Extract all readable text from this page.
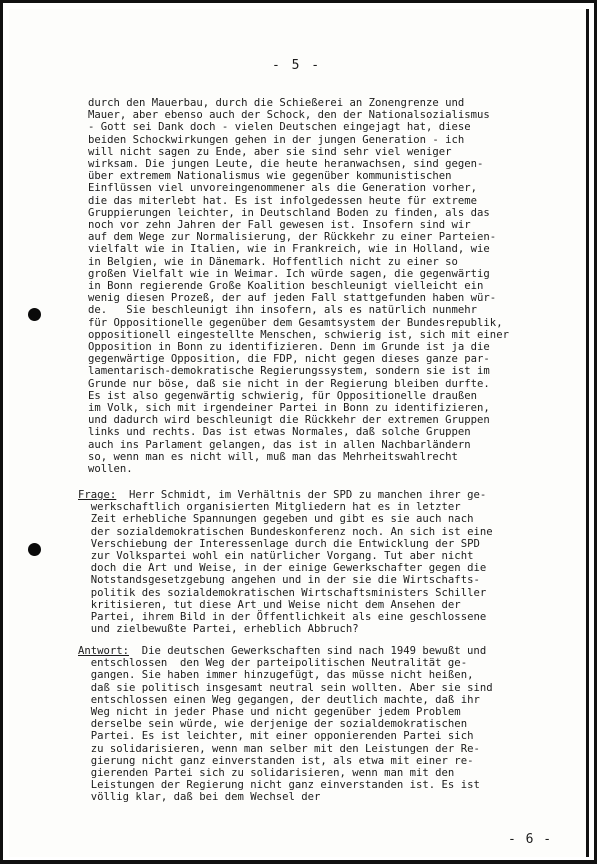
- 5 -
durch den Mauerbau, durch die Schießerei an Zonengrenze und
Mauer, aber ebenso auch der Schock, den der Nationalsozialismus
- Gott sei Dank doch - vielen Deutschen eingejagt hat, diese
beiden Schockwirkungen gehen in der jungen Generation - ich
will nicht sagen zu Ende, aber sie sind sehr viel weniger
wirksam. Die jungen Leute, die heute heranwachsen, sind gegen-
über extremem Nationalismus wie gegenüber kommunistischen
Einflüssen viel unvoreingenommener als die Generation vorher,
die das miterlebt hat. Es ist infolgedessen heute für extreme
Gruppierungen leichter, in Deutschland Boden zu finden, als das
noch vor zehn Jahren der Fall gewesen ist. Insofern sind wir
auf dem Wege zur Normalisierung, der Rückkehr zu einer Parteien-
vielfalt wie in Italien, wie in Frankreich, wie in Holland, wie
in Belgien, wie in Dänemark. Hoffentlich nicht zu einer so
großen Vielfalt wie in Weimar. Ich würde sagen, die gegenwärtig
in Bonn regierende Große Koalition beschleunigt vielleicht ein
wenig diesen Prozeß, der auf jeden Fall stattgefunden haben wür-
de.   Sie beschleunigt ihn insofern, als es natürlich nunmehr
für Oppositionelle gegenüber dem Gesamtsystem der Bundesrepublik,
oppositionell eingestellte Menschen, schwierig ist, sich mit einer
Opposition in Bonn zu identifizieren. Denn im Grunde ist ja die
gegenwärtige Opposition, die FDP, nicht gegen dieses ganze par-
lamentarisch-demokratische Regierungssystem, sondern sie ist im
Grunde nur böse, daß sie nicht in der Regierung bleiben durfte.
Es ist also gegenwärtig schwierig, für Oppositionelle draußen
im Volk, sich mit irgendeiner Partei in Bonn zu identifizieren,
und dadurch wird beschleunigt die Rückkehr der extremen Gruppen
links und rechts. Das ist etwas Normales, daß solche Gruppen
auch ins Parlament gelangen, das ist in allen Nachbarländern
so, wenn man es nicht will, muß man das Mehrheitswahlrecht
wollen.
Frage:	Herr Schmidt, im Verhältnis der SPD zu manchen ihrer ge-
werkschaftlich organisierten Mitgliedern hat es in letzter
Zeit erhebliche Spannungen gegeben und gibt es sie auch nach
der sozialdemokratischen Bundeskonferenz noch. An sich ist eine
Verschiebung der Interessenlage durch die Entwicklung der SPD
zur Volkspartei wohl ein natürlicher Vorgang. Tut aber nicht
doch die Art und Weise, in der einige Gewerkschafter gegen die
Notstandsgesetzgebung angehen und in der sie die Wirtschafts-
politik des sozialdemokratischen Wirtschaftsministers Schiller
kritisieren, tut diese Art und Weise nicht dem Ansehen der
Partei, ihrem Bild in der Öffentlichkeit als eine geschlossene
und zielbewußte Partei, erheblich Abbruch?
Antwort:	Die deutschen Gewerkschaften sind nach 1949 bewußt und
entschlossen  den Weg der parteipolitischen Neutralität ge-
gangen. Sie haben immer hinzugefügt, das müsse nicht heißen,
daß sie politisch insgesamt neutral sein wollten. Aber sie sind
entschlossen einen Weg gegangen, der deutlich machte, daß ihr
Weg nicht in jeder Phase und nicht gegenüber jedem Problem
derselbe sein würde, wie derjenige der sozialdemokratischen
Partei. Es ist leichter, mit einer opponierenden Partei sich
zu solidarisieren, wenn man selber mit den Leistungen der Re-
gierung nicht ganz einverstanden ist, als etwa mit einer re-
gierenden Partei sich zu solidarisieren, wenn man mit den
Leistungen der Regierung nicht ganz einverstanden ist. Es ist
völlig klar, daß bei dem Wechsel der
- 6 -
